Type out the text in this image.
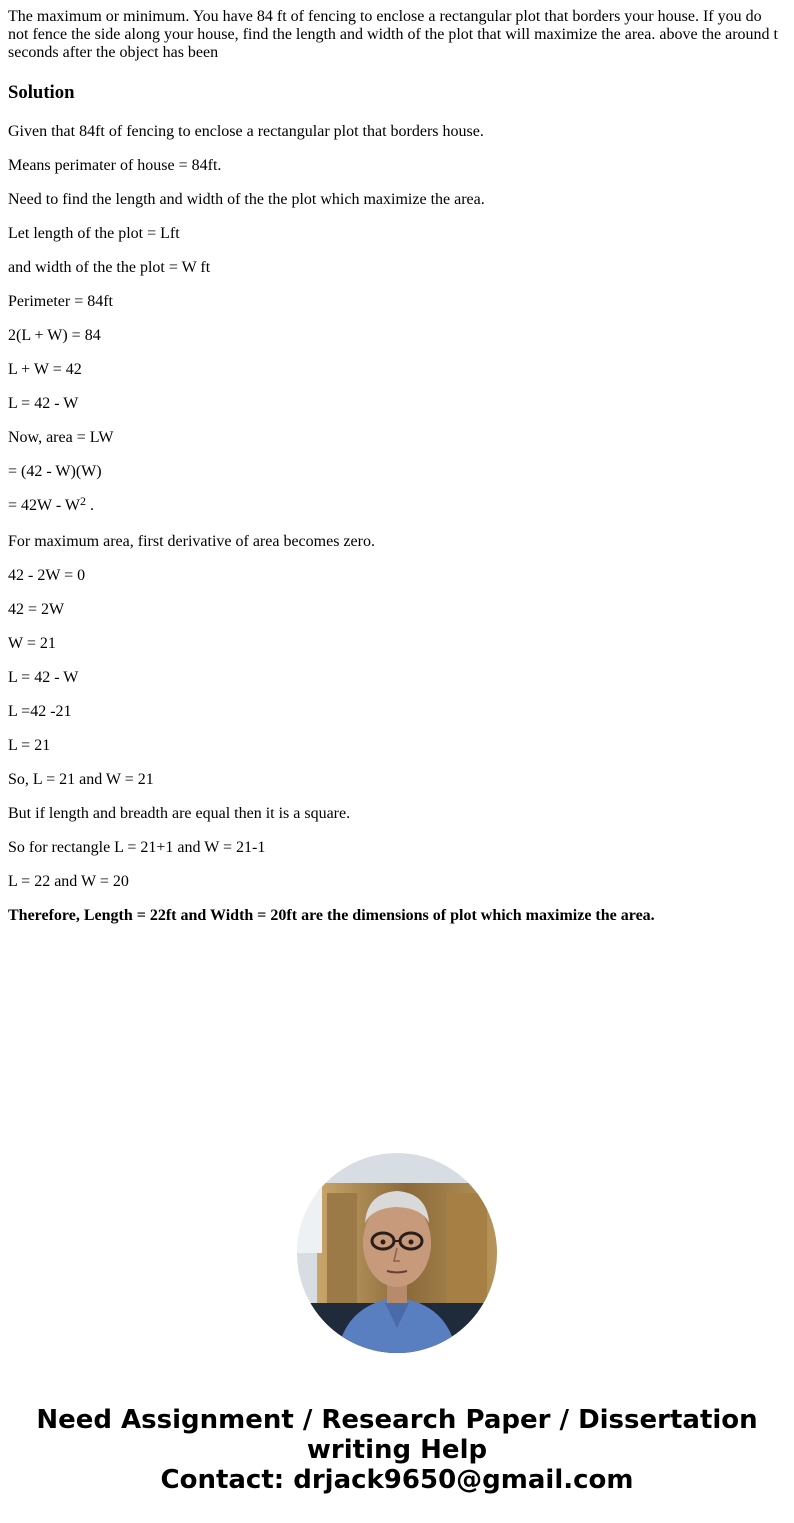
The maximum or minimum. You have 84 ft of fencing to enclose a rectangular plot that borders your house. If you do not fence the side along your house, find the length and width of the plot that will maximize the area. above the around t seconds after the object has been

Solution

Given that 84ft of fencing to enclose a rectangular plot that borders house.

Means perimater of house = 84ft.

Need to find the length and width of the the plot which maximize the area.

Let length of the plot = Lft

and width of the the plot = W ft

Perimeter = 84ft

2(L + W) = 84

L + W = 42

L = 42 - W

Now, area = LW

= (42 - W)(W)

= $42W - W^2$ .

For maximum area, first derivative of area becomes zero.

42 - 2W = 0

42 = 2W

W = 21

L = 42 - W

L =42 -21

L = 21

So, L = 21 and W = 21

But if length and breadth are equal then it is a square.

So for rectangle L = 21+1 and W = 21-1

L = 22 and W = 20

Therefore, Length = 22ft and Width = 20ft are the dimensions of plot which maximize the area.

Need Assignment / Research Paper / Dissertation
writing Help
Contact: drjack9650@gmail.com
